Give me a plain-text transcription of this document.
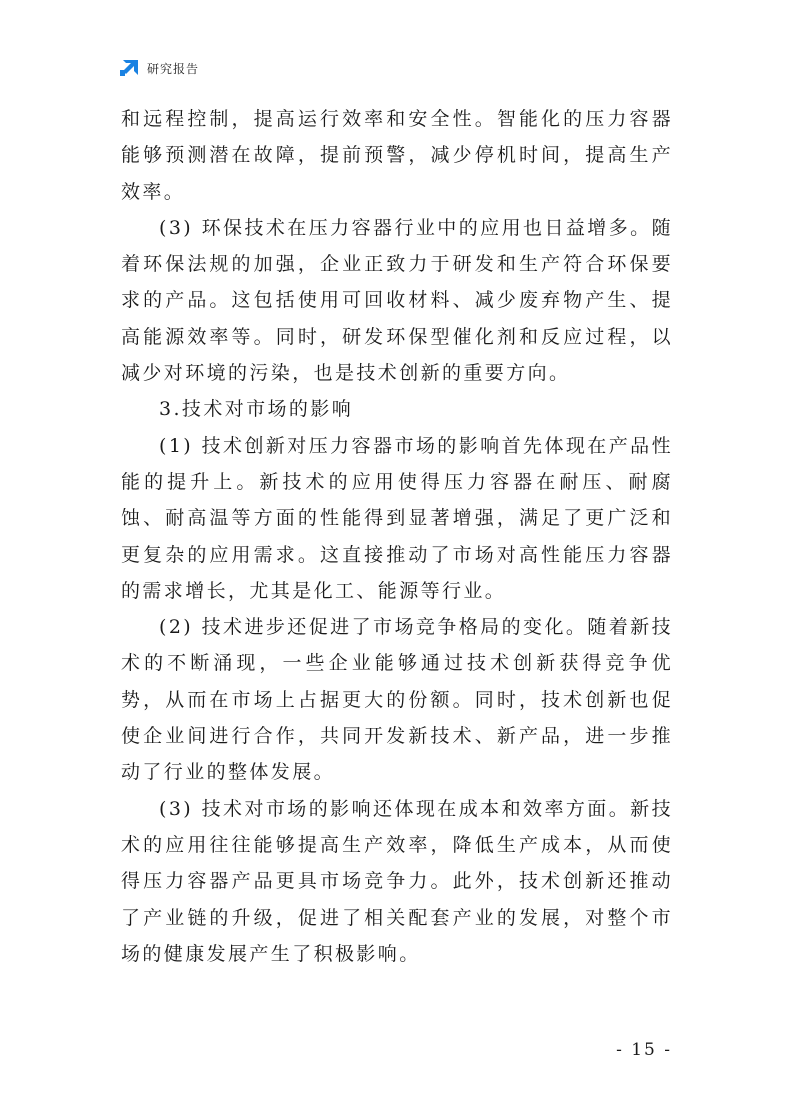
研究报告

和远程控制，提高运行效率和安全性。智能化的压力容器能够预测潜在故障，提前预警，减少停机时间，提高生产效率。

(3) 环保技术在压力容器行业中的应用也日益增多。随着环保法规的加强，企业正致力于研发和生产符合环保要求的产品。这包括使用可回收材料、减少废弃物产生、提高能源效率等。同时，研发环保型催化剂和反应过程，以减少对环境的污染，也是技术创新的重要方向。

3.技术对市场的影响

(1) 技术创新对压力容器市场的影响首先体现在产品性能的提升上。新技术的应用使得压力容器在耐压、耐腐蚀、耐高温等方面的性能得到显著增强，满足了更广泛和更复杂的应用需求。这直接推动了市场对高性能压力容器的需求增长，尤其是化工、能源等行业。

(2) 技术进步还促进了市场竞争格局的变化。随着新技术的不断涌现，一些企业能够通过技术创新获得竞争优势，从而在市场上占据更大的份额。同时，技术创新也促使企业间进行合作，共同开发新技术、新产品，进一步推动了行业的整体发展。

(3) 技术对市场的影响还体现在成本和效率方面。新技术的应用往往能够提高生产效率，降低生产成本，从而使得压力容器产品更具市场竞争力。此外，技术创新还推动了产业链的升级，促进了相关配套产业的发展，对整个市场的健康发展产生了积极影响。

- 15 -
